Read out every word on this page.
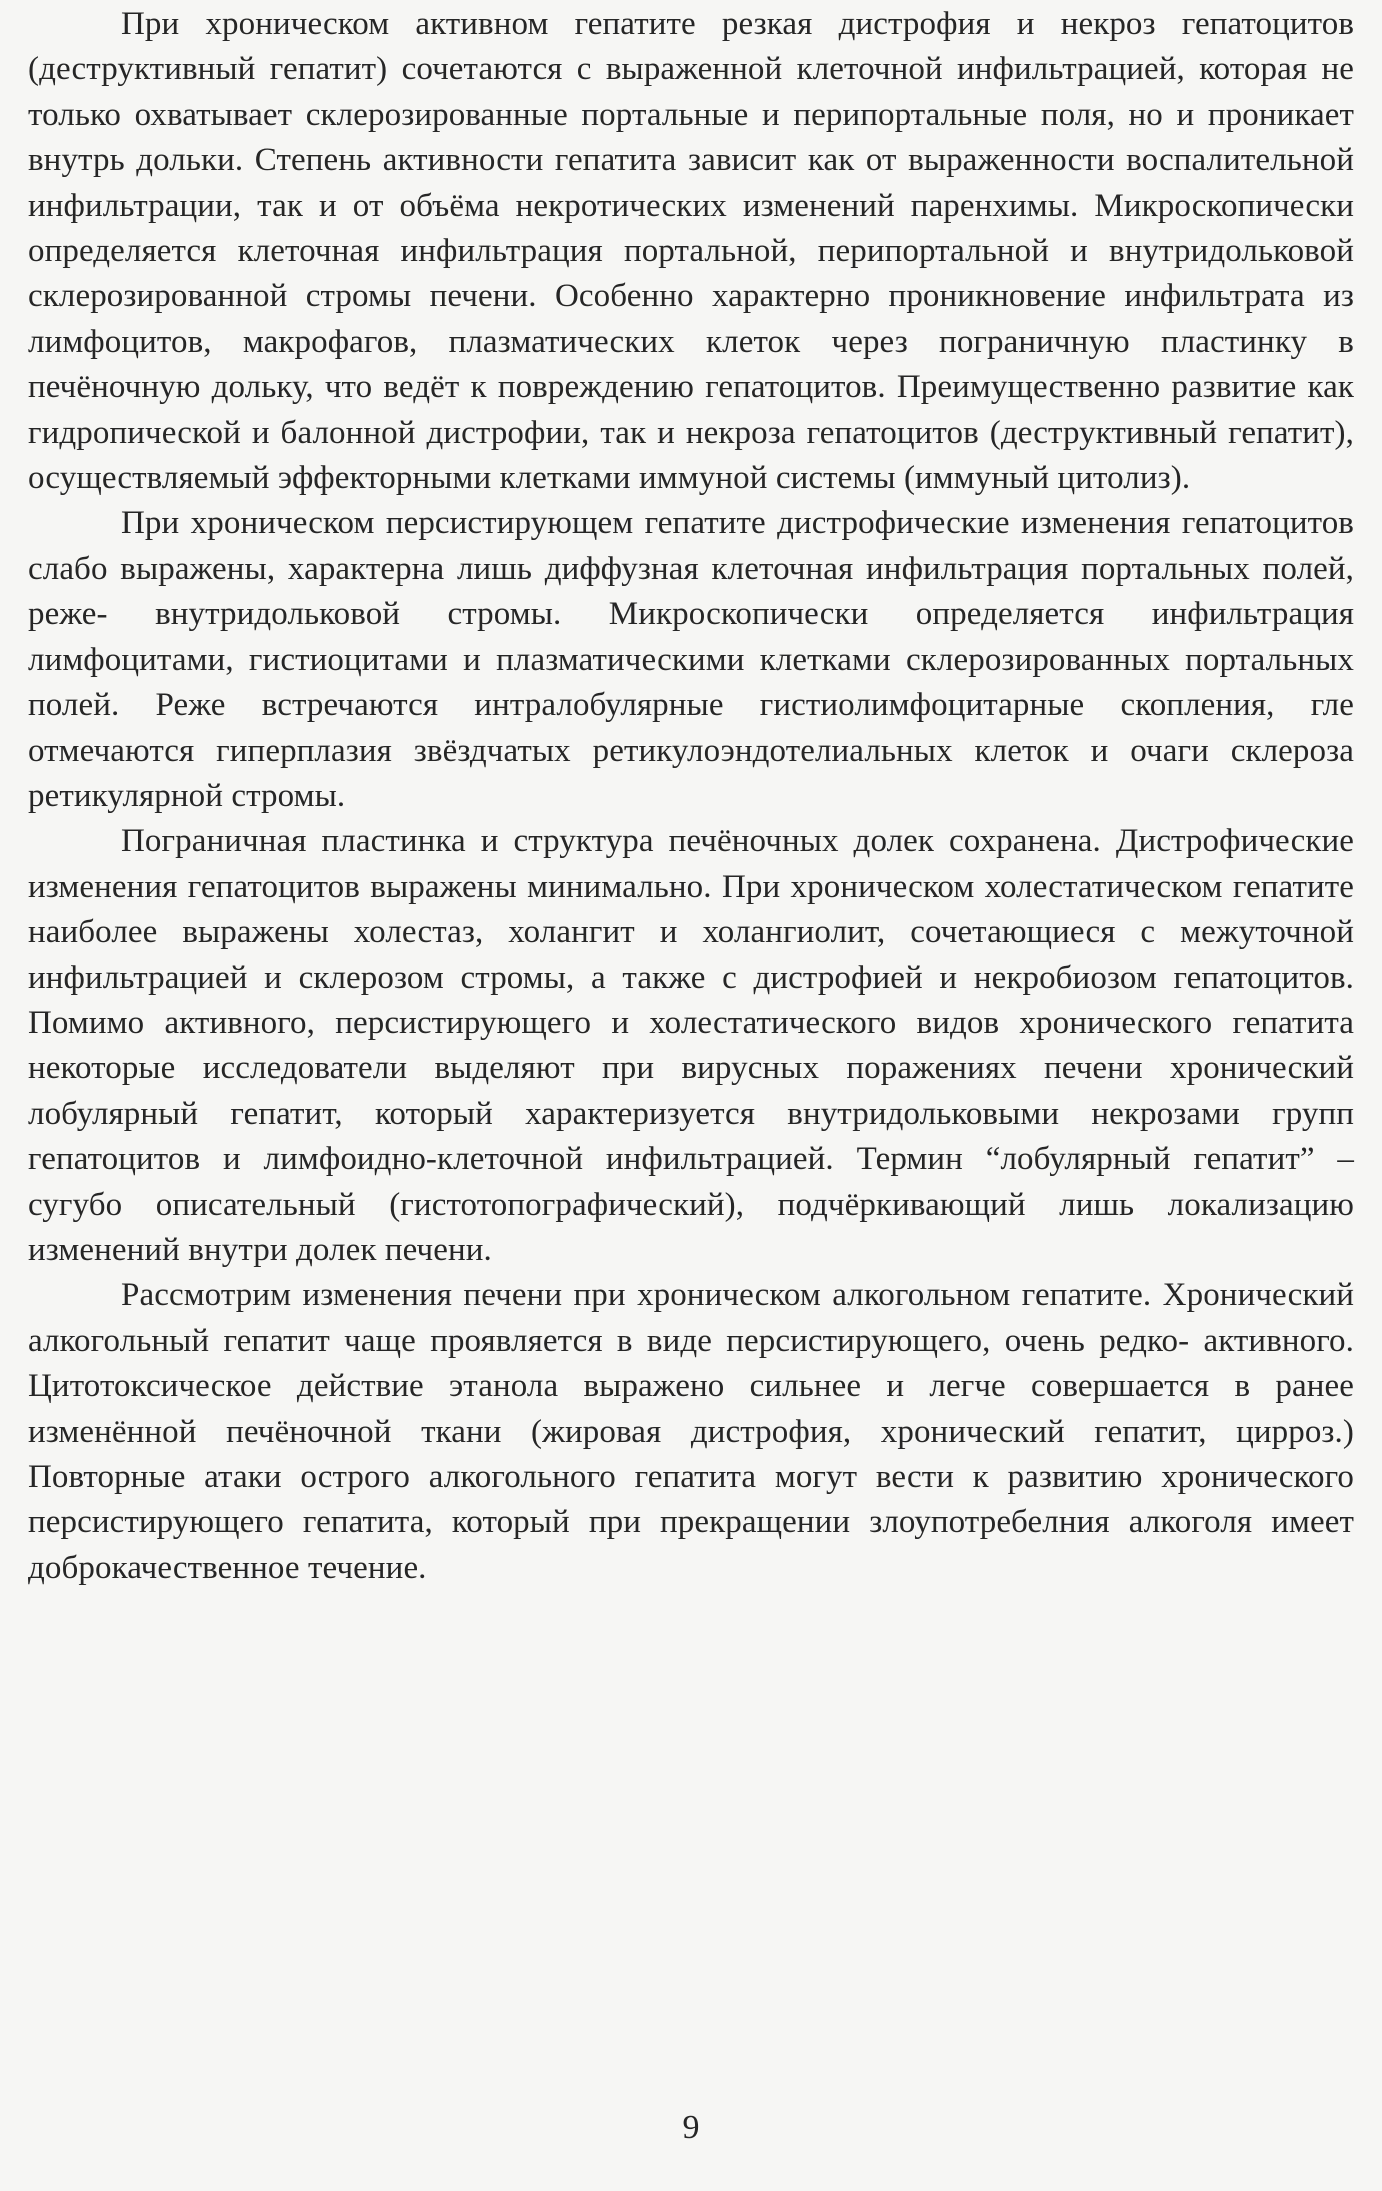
При хроническом активном гепатите резкая дистрофия и некроз гепатоцитов (деструктивный гепатит) сочетаются с выраженной клеточной инфильтрацией, которая не только охватывает склерозированные портальные и перипортальные поля, но и проникает внутрь дольки. Степень активности гепатита зависит как от выраженности воспалительной инфильтрации, так и от объёма некротических изменений паренхимы. Микроскопически определяется клеточная инфильтрация портальной, перипортальной и внутридольковой склерозированной стромы печени. Особенно характерно проникновение инфильтрата из лимфоцитов, макрофагов, плазматических клеток через пограничную пластинку в печёночную дольку, что ведёт к повреждению гепатоцитов. Преимущественно развитие как гидропической и балонной дистрофии, так и некроза гепатоцитов (деструктивный гепатит), осуществляемый эффекторными клетками иммуной системы (иммуный цитолиз).

При хроническом персистирующем гепатите дистрофические изменения гепатоцитов слабо выражены, характерна лишь диффузная клеточная инфильтрация портальных полей, реже- внутридольковой стромы. Микроскопически определяется инфильтрация лимфоцитами, гистиоцитами и плазматическими клетками склерозированных портальных полей. Реже встречаются интралобулярные гистиолимфоцитарные скопления, гле отмечаются гиперплазия звёздчатых ретикулоэндотелиальных клеток и очаги склероза ретикулярной стромы.

Пограничная пластинка и структура печёночных долек сохранена. Дистрофические изменения гепатоцитов выражены минимально. При хроническом холестатическом гепатите наиболее выражены холестаз, холангит и холангиолит, сочетающиеся с межуточной инфильтрацией и склерозом стромы, а также с дистрофией и некробиозом гепатоцитов. Помимо активного, персистирующего и холестатического видов хронического гепатита некоторые исследователи выделяют при вирусных поражениях печени хронический лобулярный гепатит, который характеризуется внутридольковыми некрозами групп гепатоцитов и лимфоидно-клеточной инфильтрацией. Термин “лобулярный гепатит” – сугубо описательный (гистотопографический), подчёркивающий лишь локализацию изменений внутри долек печени.

Рассмотрим изменения печени при хроническом алкогольном гепатите. Хронический алкогольный гепатит чаще проявляется в виде персистирующего, очень редко- активного. Цитотоксическое действие этанола выражено сильнее и легче совершается в ранее изменённой печёночной ткани (жировая дистрофия, хронический гепатит, цирроз.) Повторные атаки острого алкогольного гепатита могут вести к развитию хронического персистирующего гепатита, который при прекращении злоупотребелния алкоголя имеет доброкачественное течение.

9
